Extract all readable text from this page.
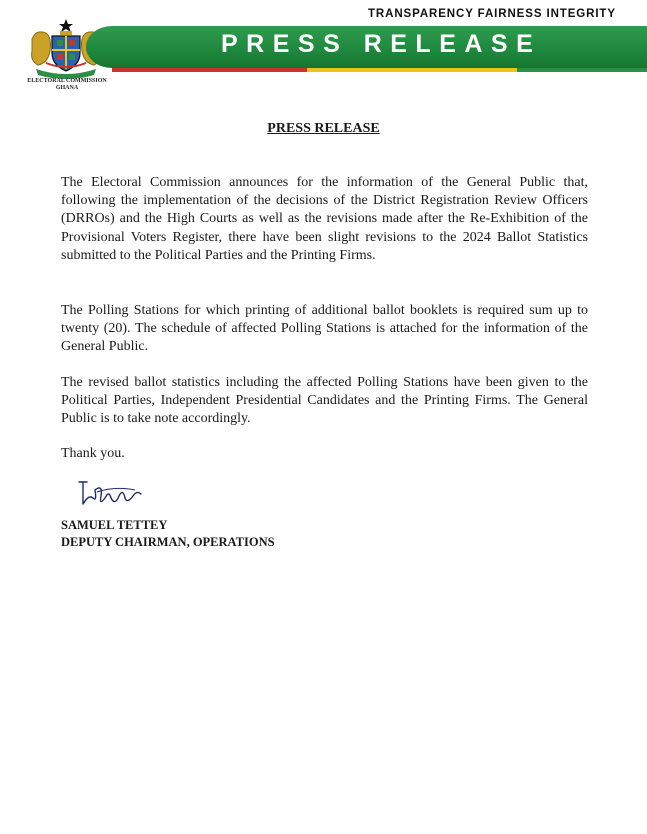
ELECTORAL COMMISSION
GHANA
TRANSPARENCY FAIRNESS INTEGRITY
PRESS RELEASE
PRESS RELEASE

The Electoral Commission announces for the information of the General Public that, following the implementation of the decisions of the District Registration Review Officers (DRROs) and the High Courts as well as the revisions made after the Re-Exhibition of the Provisional Voters Register, there have been slight revisions to the 2024 Ballot Statistics submitted to the Political Parties and the Printing Firms.

The Polling Stations for which printing of additional ballot booklets is required sum up to twenty (20). The schedule of affected Polling Stations is attached for the information of the General Public.

The revised ballot statistics including the affected Polling Stations have been given to the Political Parties, Independent Presidential Candidates and the Printing Firms. The General Public is to take note accordingly.

Thank you.
SAMUEL TETTEY
DEPUTY CHAIRMAN, OPERATIONS
